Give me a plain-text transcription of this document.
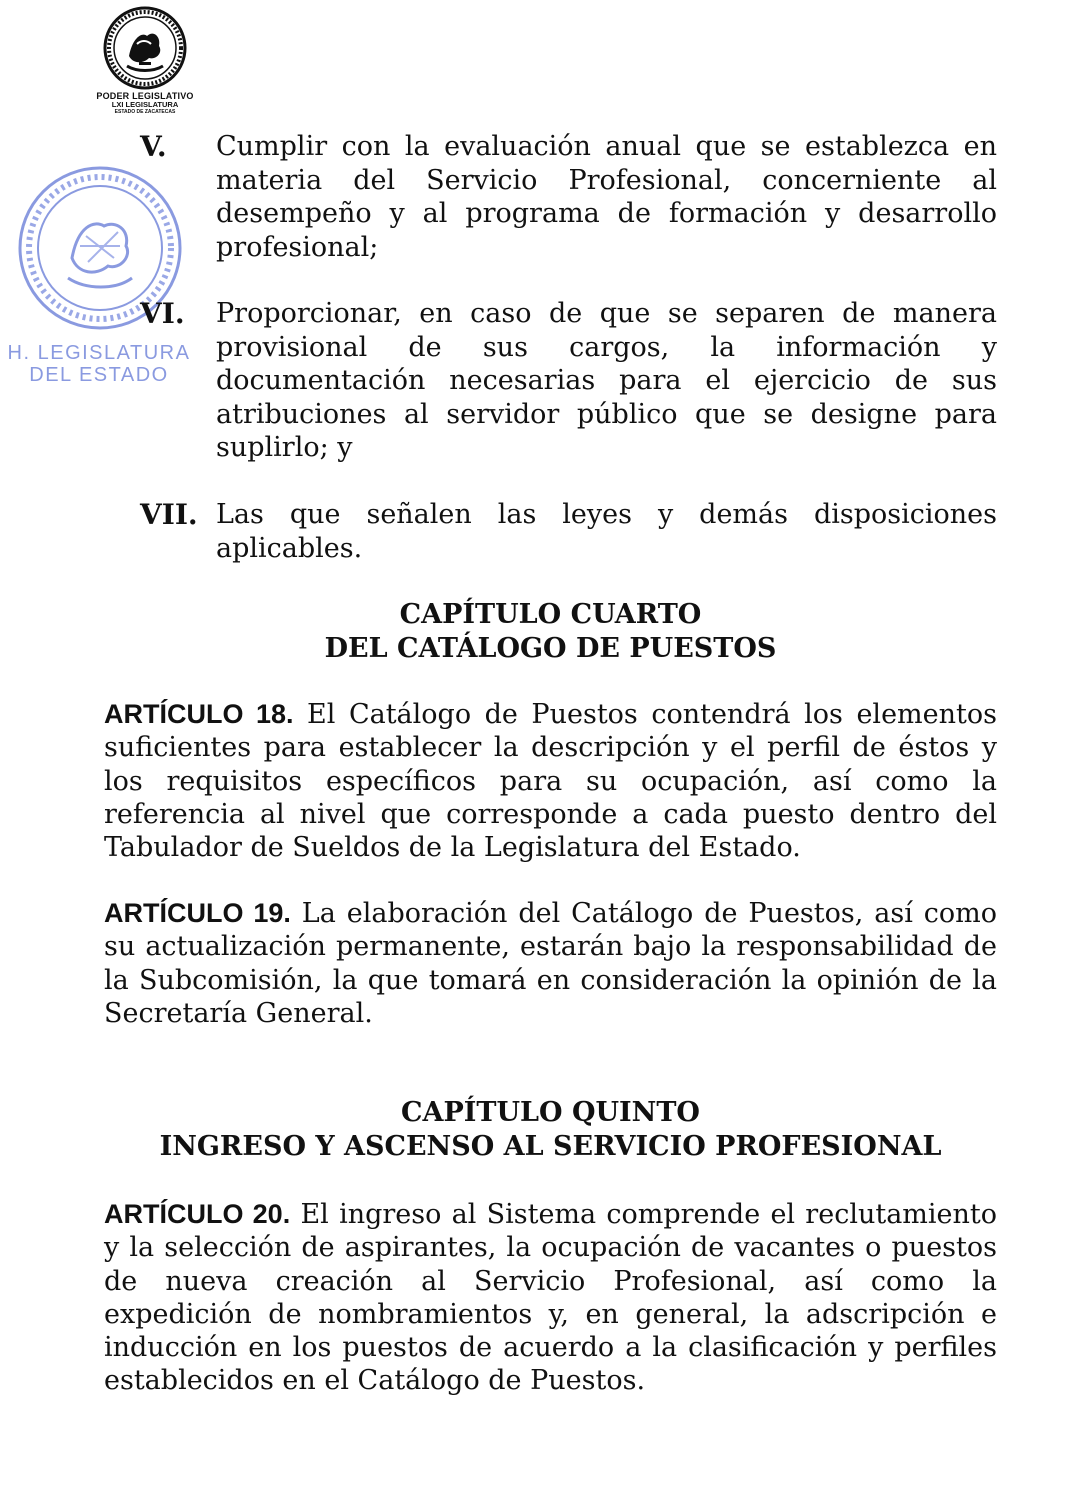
PODER LEGISLATIVO
LXI LEGISLATURA
ESTADO DE ZACATECAS
H. LEGISLATURA
DEL ESTADO
V.	Cumplir con la evaluación anual que se establezca en materia del Servicio Profesional, concerniente al desempeño y al programa de formación y desarrollo profesional;
VI.	Proporcionar, en caso de que se separen de manera provisional de sus cargos, la información y documentación necesarias para el ejercicio de sus atribuciones al servidor público que se designe para suplirlo; y
VII. Las que señalen las leyes y demás disposiciones aplicables.
CAPÍTULO CUARTO
DEL CATÁLOGO DE PUESTOS
ARTÍCULO 18. El Catálogo de Puestos contendrá los elementos suficientes para establecer la descripción y el perfil de éstos y los requisitos específicos para su ocupación, así como la referencia al nivel que corresponde a cada puesto dentro del Tabulador de Sueldos de la Legislatura del Estado.
ARTÍCULO 19. La elaboración del Catálogo de Puestos, así como su actualización permanente, estarán bajo la responsabilidad de la Subcomisión, la que tomará en consideración la opinión de la Secretaría General.
CAPÍTULO QUINTO
INGRESO Y ASCENSO AL SERVICIO PROFESIONAL
ARTÍCULO 20. El ingreso al Sistema comprende el reclutamiento y la selección de aspirantes, la ocupación de vacantes o puestos de nueva creación al Servicio Profesional, así como la expedición de nombramientos y, en general, la adscripción e inducción en los puestos de acuerdo a la clasificación y perfiles establecidos en el Catálogo de Puestos.
